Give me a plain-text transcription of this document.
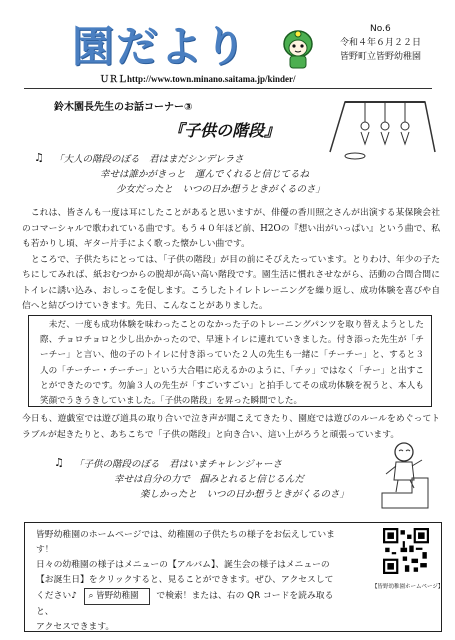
園だより	No.6
令和４年６月２２日
皆野町立皆野幼稚園
ＵＲＬhttp://www.town.minano.saitama.jp/kinder/
鈴木園長先生のお話コーナー③
『子供の階段』
♫ 「大人の階段のぼる　君はまだシンデレラさ
幸せは誰かがきっと　運んでくれると信じてるね
少女だったと　いつの日か想うときがくるのさ」
　これは、皆さんも一度は耳にしたことがあると思いますが、俳優の香川照之さんが出演する某保険会社のコマーシャルで歌われている曲です。もう４０年ほど前、H2Oの『想い出がいっぱい』という曲で、私も若かりし頃、ギター片手によく歌った懐かしい曲です。
　ところで、子供たちにとっては、「子供の階段」が目の前にそびえたっています。とりわけ、年少の子たちにしてみれば、紙おむつからの脱却が高い高い階段です。園生活に慣れさせながら、活動の合間合間にトイレに誘い込み、おしっこを促します。こうしたトイレトレーニングを繰り返し、成功体験を喜びや自信へと結びつけていきます。先日、こんなことがありました。
　未だ、一度も成功体験を味わったことのなかった子のトレーニングパンツを取り替えようとした際、チョロチョロと少し出かかったので、早速トイレに連れていきました。付き添った先生が「チーチー」と言い、他の子のトイレに付き添っていた２人の先生も一緒に「チーチー」と、すると３人の「チーチー・チーチー」という大合唱に応えるかのように、「チッ」ではなく「チー」と出すことができたのです。勿論３人の先生が「すごいすごい」と拍手してその成功体験を祝うと、本人も笑顔でうきうきしていました。「子供の階段」を昇った瞬間でした。
今日も、遊戯室では遊び道具の取り合いで泣き声が聞こえてきたり、園庭では遊びのルールをめぐってトラブルが起きたりと、あちこちで「子供の階段」と向き合い、這い上がろうと頑張っています。
♫ 「子供の階段のぼる　君はいまチャレンジャーさ
幸せは自分の力で　掴みとれると信じるんだ
楽しかったと　いつの日か想うときがくるのさ」
皆野幼稚園のホームページでは、幼稚園の子供たちの様子をお伝えしています！
日々の幼稚園の様子はメニューの【アルバム】、誕生会の様子はメニューの
【お誕生日】をクリックすると、見ることができます。ぜひ、アクセスして
ください♪ ⌕ 皆野幼稚園 で検索！または、右の QR コードを読み取ると、
アクセスできます。
【皆野幼稚園ホームページ】
